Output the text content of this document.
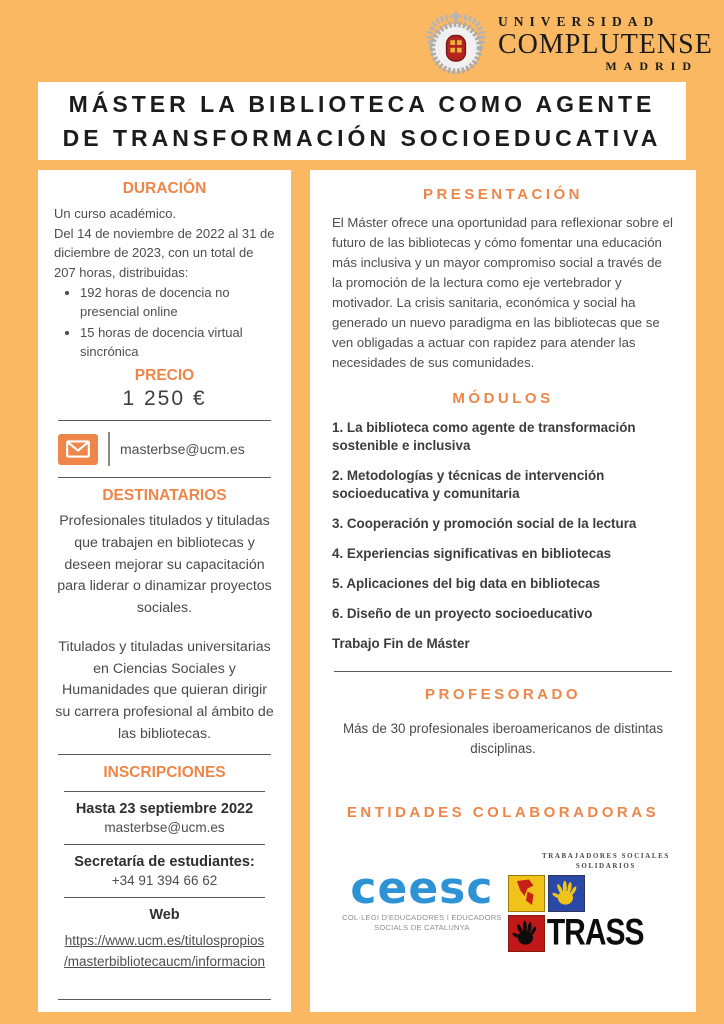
UNIVERSIDAD
COMPLUTENSE
MADRID
MÁSTER LA BIBLIOTECA COMO AGENTE
DE TRANSFORMACIÓN SOCIOEDUCATIVA
DURACIÓN
Un curso académico.
Del 14 de noviembre de 2022 al 31 de diciembre de 2023, con un total de 207 horas, distribuidas:
• 192 horas de docencia no presencial online
• 15 horas de docencia virtual sincrónica
PRECIO
1 250 €
masterbse@ucm.es
DESTINATARIOS
Profesionales titulados y tituladas que trabajen en bibliotecas y deseen mejorar su capacitación para liderar o dinamizar proyectos sociales.
Titulados y tituladas universitarias en Ciencias Sociales y Humanidades que quieran dirigir su carrera profesional al ámbito de las bibliotecas.
INSCRIPCIONES
Hasta 23 septiembre 2022
masterbse@ucm.es
Secretaría de estudiantes:
+34 91 394 66 62
Web
https://www.ucm.es/titulospropios
/masterbibliotecaucm/informacion
PRESENTACIÓN
El Máster ofrece una oportunidad para reflexionar sobre el futuro de las bibliotecas y cómo fomentar una educación más inclusiva y un mayor compromiso social a través de la promoción de la lectura como eje vertebrador y motivador. La crisis sanitaria, económica y social ha generado un nuevo paradigma en las bibliotecas que se ven obligadas a actuar con rapidez para atender las necesidades de sus comunidades.
MÓDULOS
1. La biblioteca como agente de transformación sostenible e inclusiva
2. Metodologías y técnicas de intervención socioeducativa y comunitaria
3. Cooperación y promoción social de la lectura
4. Experiencias significativas en bibliotecas
5. Aplicaciones del big data en bibliotecas
6. Diseño de un proyecto socioeducativo
Trabajo Fin de Máster
PROFESORADO
Más de 30 profesionales iberoamericanos de distintas disciplinas.
ENTIDADES COLABORADORAS
ceesc
COL·LEGI D'EDUCADORES I EDUCADORS
SOCIALS DE CATALUNYA
TRABAJADORES SOCIALES
SOLIDARIOS
TRASS
